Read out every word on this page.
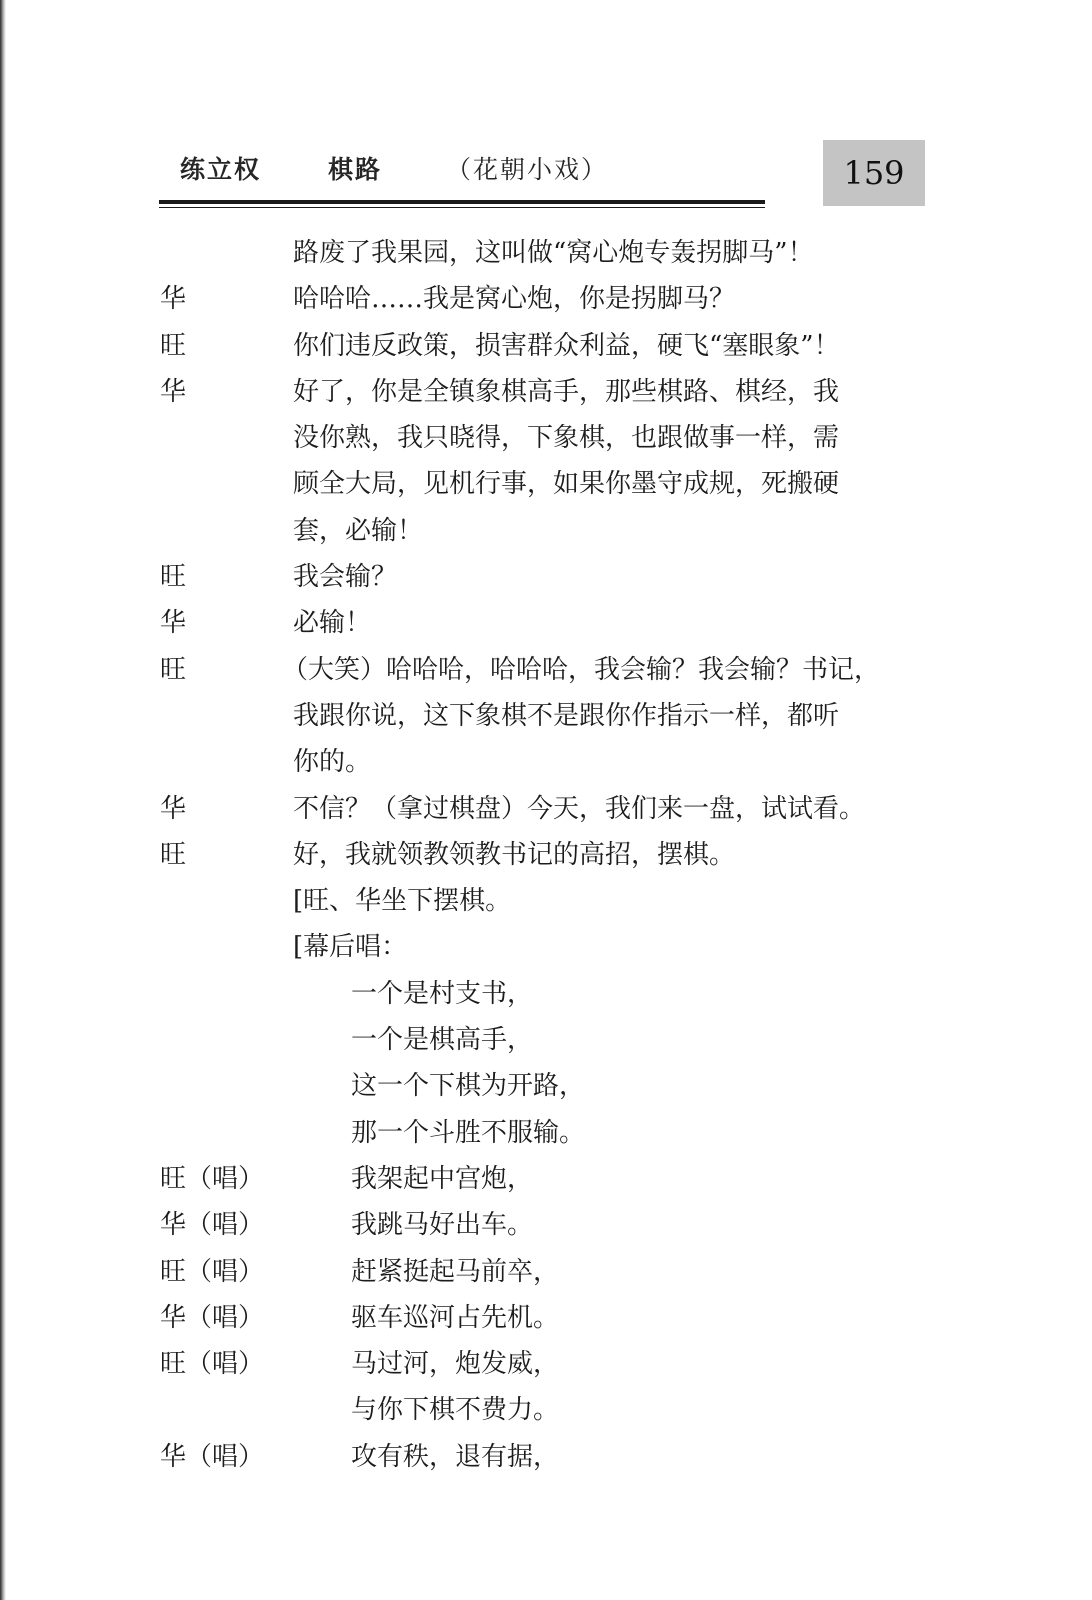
练立权	棋路	（花朝小戏）	159
路废了我果园，这叫做“窝心炮专轰拐脚马”！
华	哈哈哈……我是窝心炮，你是拐脚马？
旺	你们违反政策，损害群众利益，硬飞“塞眼象”！
华	好了，你是全镇象棋高手，那些棋路、棋经，我
没你熟，我只晓得，下象棋，也跟做事一样，需
顾全大局，见机行事，如果你墨守成规，死搬硬
套，必输！
旺	我会输？
华	必输！
旺	（大笑）哈哈哈，哈哈哈，我会输？我会输？书记，
我跟你说，这下象棋不是跟你作指示一样，都听
你的。
华	不信？（拿过棋盘）今天，我们来一盘，试试看。
旺	好，我就领教领教书记的高招，摆棋。
[旺、华坐下摆棋。
[幕后唱：
一个是村支书，
一个是棋高手，
这一个下棋为开路，
那一个斗胜不服输。
旺（唱）	我架起中宫炮，
华（唱）	我跳马好出车。
旺（唱）	赶紧挺起马前卒，
华（唱）	驱车巡河占先机。
旺（唱）	马过河，炮发威，
与你下棋不费力。
华（唱）	攻有秩，退有据，
